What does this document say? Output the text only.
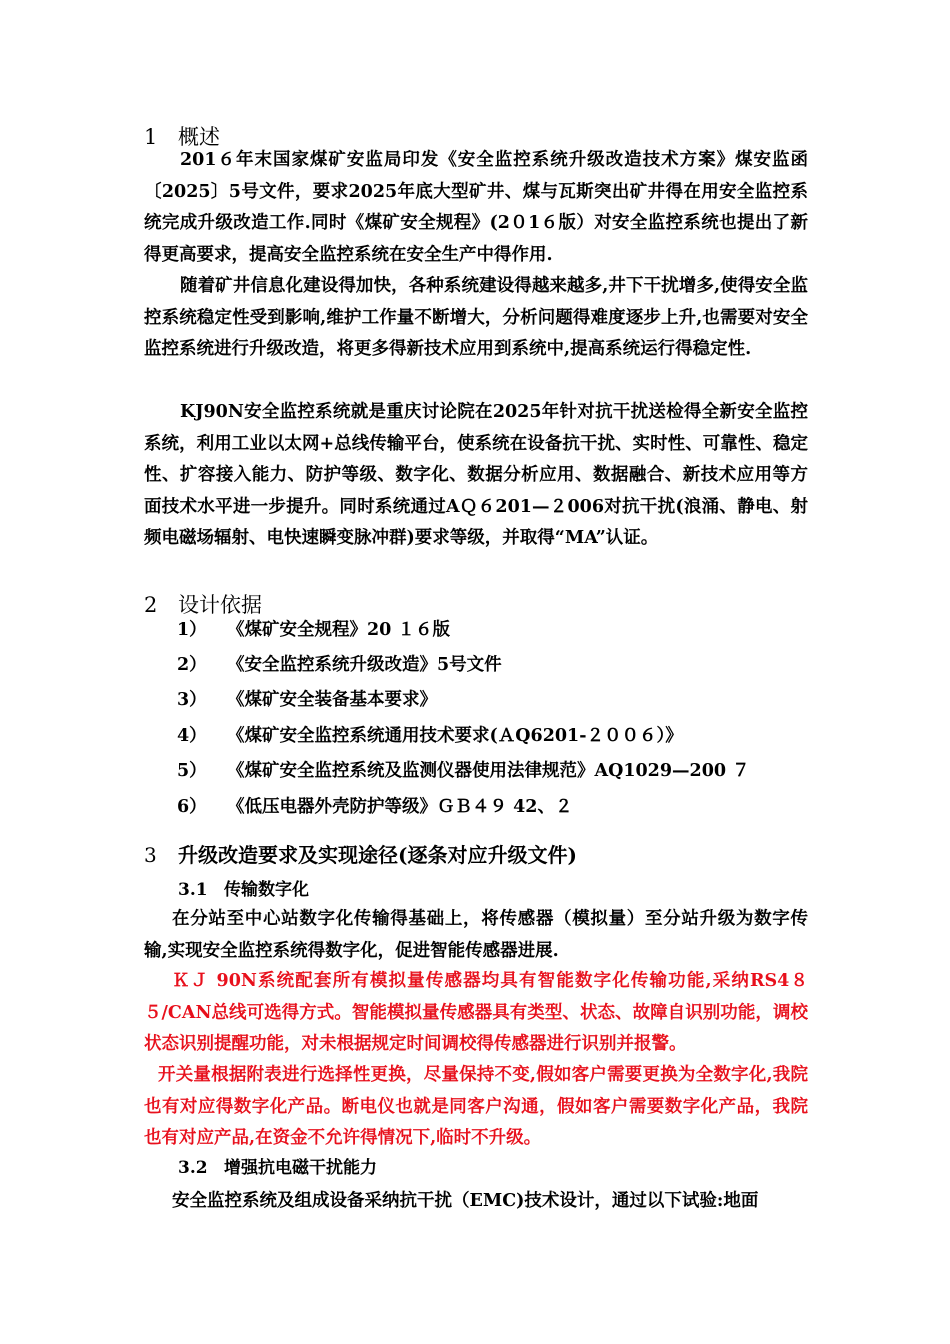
1 概述

201６年末国家煤矿安监局印发《安全监控系统升级改造技术方案》煤安监函〔2025〕5号文件，要求2025年底大型矿井、煤与瓦斯突出矿井得在用安全监控系统完成升级改造工作.同时《煤矿安全规程》(2０1６版）对安全监控系统也提出了新得更高要求，提高安全监控系统在安全生产中得作用.

随着矿井信息化建设得加快，各种系统建设得越来越多,井下干扰增多,使得安全监控系统稳定性受到影响,维护工作量不断增大，分析问题得难度逐步上升,也需要对安全监控系统进行升级改造，将更多得新技术应用到系统中,提高系统运行得稳定性.

KJ90N安全监控系统就是重庆讨论院在2025年针对抗干扰送检得全新安全监控系统，利用工业以太网+总线传输平台，使系统在设备抗干扰、实时性、可靠性、稳定性、扩容接入能力、防护等级、数字化、数据分析应用、数据融合、新技术应用等方面技术水平进一步提升。同时系统通过AＱ６201—２006对抗干扰(浪涌、静电、射频电磁场辐射、电快速瞬变脉冲群)要求等级，并取得“MA”认证。

2 设计依据
1） 《煤矿安全规程》20 １６版
2） 《安全监控系统升级改造》5号文件
3） 《煤矿安全装备基本要求》
4） 《煤矿安全监控系统通用技术要求(ＡQ6201-２００６）》
5） 《煤矿安全监控系统及监测仪器使用法律规范》AQ1029—200 ７
6） 《低压电器外壳防护等级》ＧＢ４９ 42、２
3 升级改造要求及实现途径(逐条对应升级文件)
3.1 传输数字化

在分站至中心站数字化传输得基础上，将传感器（模拟量）至分站升级为数字传输,实现安全监控系统得数字化，促进智能传感器进展.

ＫＪ 90N系统配套所有模拟量传感器均具有智能数字化传输功能,采纳RS4８５/CAN总线可选得方式。智能模拟量传感器具有类型、状态、故障自识别功能，调校状态识别提醒功能，对未根据规定时间调校得传感器进行识别并报警。

开关量根据附表进行选择性更换，尽量保持不变,假如客户需要更换为全数字化,我院也有对应得数字化产品。断电仪也就是同客户沟通，假如客户需要数字化产品，我院也有对应产品,在资金不允许得情况下,临时不升级。

3.2 增强抗电磁干扰能力

安全监控系统及组成设备采纳抗干扰（EMC)技术设计，通过以下试验:地面
